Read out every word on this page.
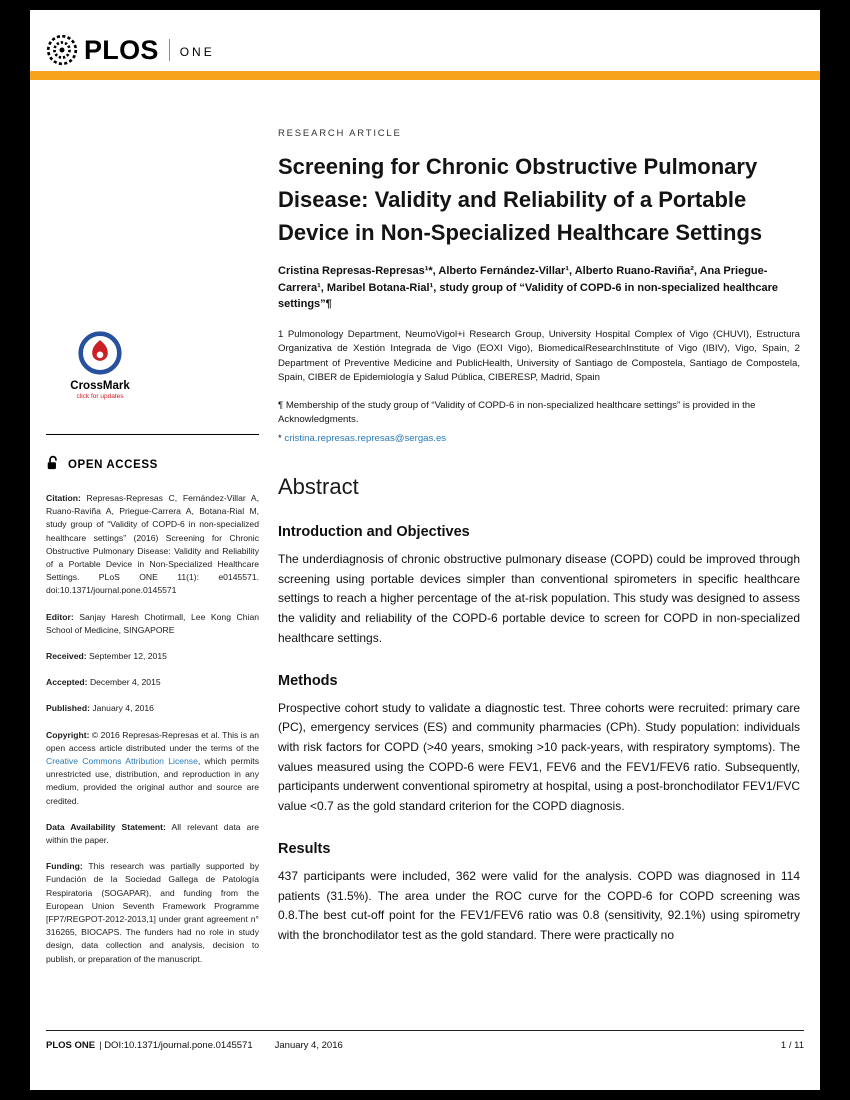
PLOS ONE
CrossMark
click for updates
OPEN ACCESS

Citation: Represas-Represas C, Fernández-Villar A, Ruano-Raviña A, Priegue-Carrera A, Botana-Rial M, study group of “Validity of COPD-6 in non-specialized healthcare settings” (2016) Screening for Chronic Obstructive Pulmonary Disease: Validity and Reliability of a Portable Device in Non-Specialized Healthcare Settings. PLoS ONE 11(1): e0145571. doi:10.1371/journal.pone.0145571

Editor: Sanjay Haresh Chotirmall, Lee Kong Chian School of Medicine, SINGAPORE

Received: September 12, 2015

Accepted: December 4, 2015

Published: January 4, 2016

Copyright: © 2016 Represas-Represas et al. This is an open access article distributed under the terms of the Creative Commons Attribution License, which permits unrestricted use, distribution, and reproduction in any medium, provided the original author and source are credited.

Data Availability Statement: All relevant data are within the paper.

Funding: This research was partially supported by Fundación de la Sociedad Gallega de Patología Respiratoria (SOGAPAR), and funding from the European Union Seventh Framework Programme [FP7/REGPOT-2012-2013,1] under grant agreement n° 316265, BIOCAPS. The funders had no role in study design, data collection and analysis, decision to publish, or preparation of the manuscript.

RESEARCH ARTICLE
Screening for Chronic Obstructive Pulmonary Disease: Validity and Reliability of a Portable Device in Non-Specialized Healthcare Settings

Cristina Represas-Represas¹*, Alberto Fernández-Villar¹, Alberto Ruano-Raviña², Ana Priegue-Carrera¹, Maribel Botana-Rial¹, study group of “Validity of COPD-6 in non-specialized healthcare settings”¶

1 Pulmonology Department, NeumoVigol+i Research Group, University Hospital Complex of Vigo (CHUVI), Estructura Organizativa de Xestión Integrada de Vigo (EOXI Vigo), BiomedicalResearchInstitute of Vigo (IBIV), Vigo, Spain, 2 Department of Preventive Medicine and PublicHealth, University of Santiago de Compostela, Santiago de Compostela, Spain, CIBER de Epidemiología y Salud Pública, CIBERESP, Madrid, Spain

¶ Membership of the study group of “Validity of COPD-6 in non-specialized healthcare settings” is provided in the Acknowledgments.

* cristina.represas.represas@sergas.es

Abstract
Introduction and Objectives

The underdiagnosis of chronic obstructive pulmonary disease (COPD) could be improved through screening using portable devices simpler than conventional spirometers in specific healthcare settings to reach a higher percentage of the at-risk population. This study was designed to assess the validity and reliability of the COPD-6 portable device to screen for COPD in non-specialized healthcare settings.

Methods

Prospective cohort study to validate a diagnostic test. Three cohorts were recruited: primary care (PC), emergency services (ES) and community pharmacies (CPh). Study population: individuals with risk factors for COPD (>40 years, smoking >10 pack-years, with respiratory symptoms). The values measured using the COPD-6 were FEV1, FEV6 and the FEV1/FEV6 ratio. Subsequently, participants underwent conventional spirometry at hospital, using a post-bronchodilator FEV1/FVC value <0.7 as the gold standard criterion for the COPD diagnosis.

Results

437 participants were included, 362 were valid for the analysis. COPD was diagnosed in 114 patients (31.5%). The area under the ROC curve for the COPD-6 for COPD screening was 0.8.The best cut-off point for the FEV1/FEV6 ratio was 0.8 (sensitivity, 92.1%) using spirometry with the bronchodilator test as the gold standard. There were practically no

PLOS ONE | DOI:10.1371/journal.pone.0145571 January 4, 2016	1 / 11
